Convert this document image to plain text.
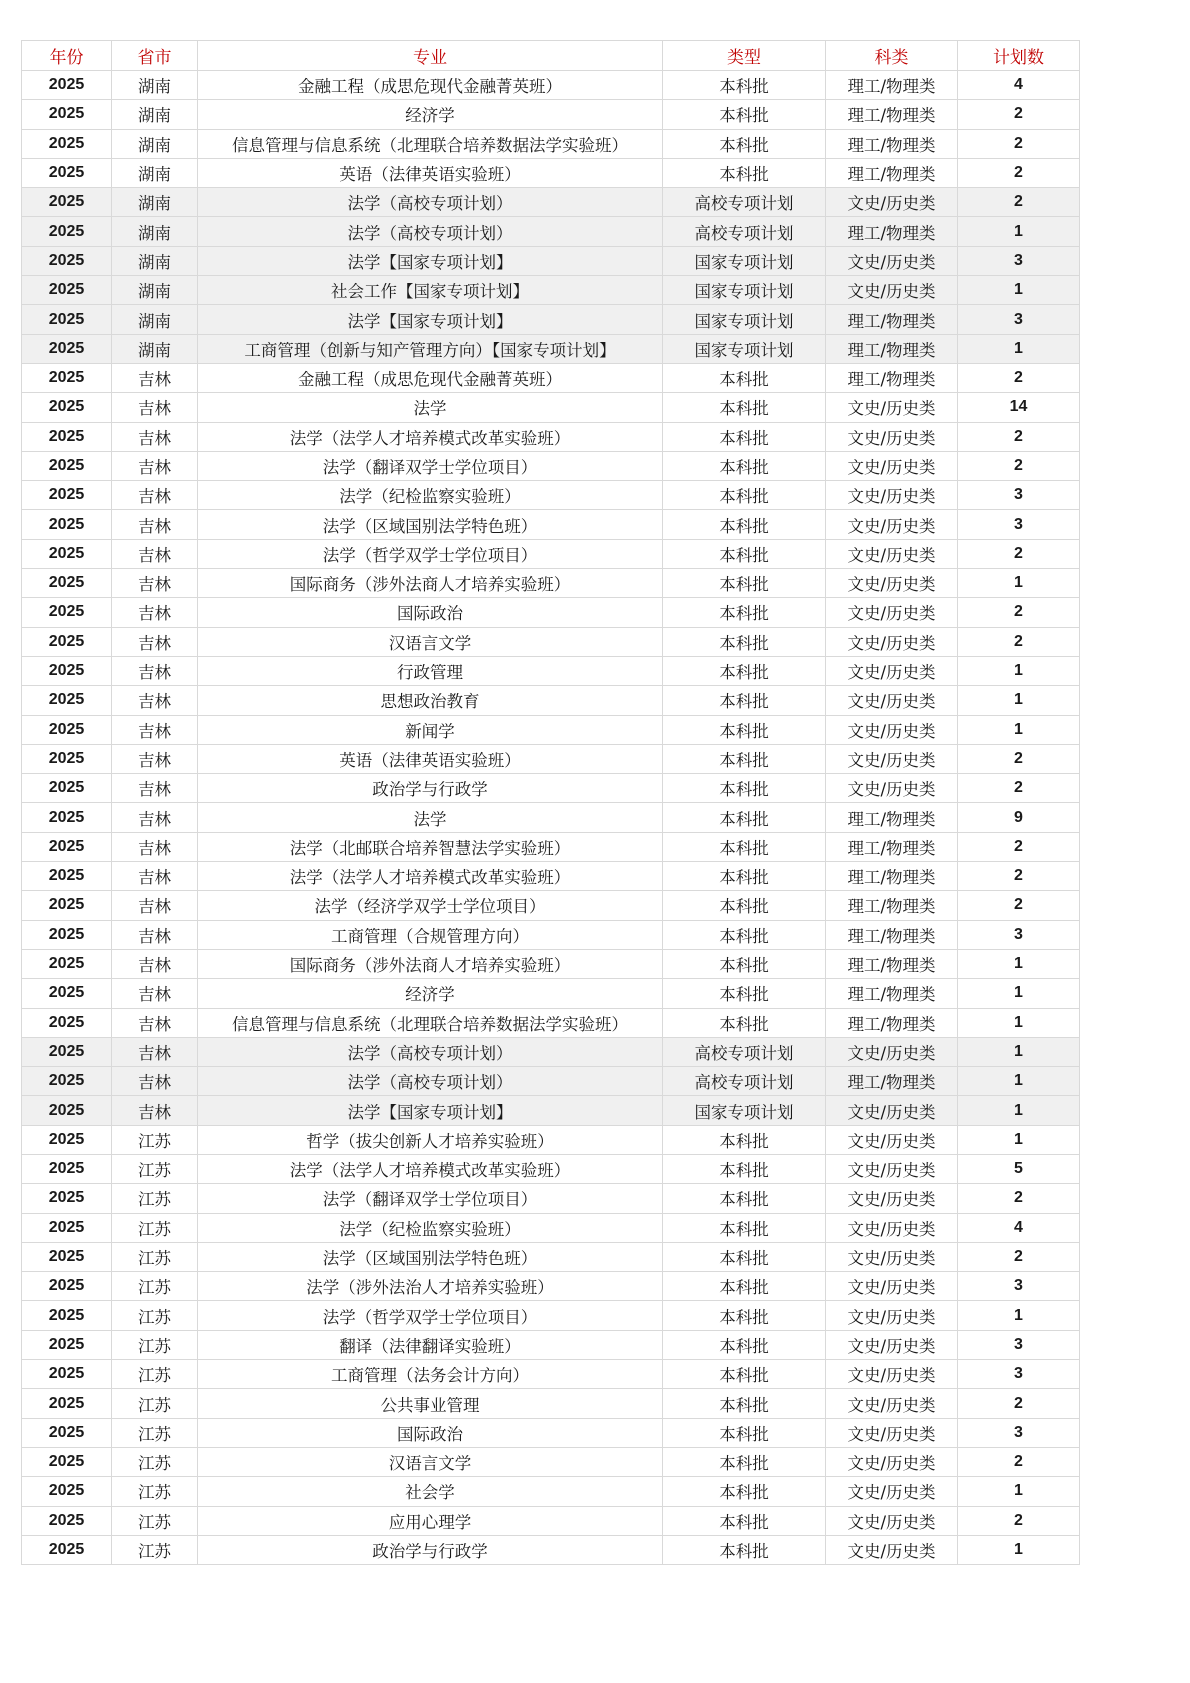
年份	省市	专业	类型	科类	计划数
2025	湖南	金融工程（成思危现代金融菁英班）	本科批	理工/物理类	4
2025	湖南	经济学	本科批	理工/物理类	2
2025	湖南	信息管理与信息系统（北理联合培养数据法学实验班）	本科批	理工/物理类	2
2025	湖南	英语（法律英语实验班）	本科批	理工/物理类	2
2025	湖南	法学（高校专项计划）	高校专项计划	文史/历史类	2
2025	湖南	法学（高校专项计划）	高校专项计划	理工/物理类	1
2025	湖南	法学【国家专项计划】	国家专项计划	文史/历史类	3
2025	湖南	社会工作【国家专项计划】	国家专项计划	文史/历史类	1
2025	湖南	法学【国家专项计划】	国家专项计划	理工/物理类	3
2025	湖南	工商管理（创新与知产管理方向）【国家专项计划】	国家专项计划	理工/物理类	1
2025	吉林	金融工程（成思危现代金融菁英班）	本科批	理工/物理类	2
2025	吉林	法学	本科批	文史/历史类	14
2025	吉林	法学（法学人才培养模式改革实验班）	本科批	文史/历史类	2
2025	吉林	法学（翻译双学士学位项目）	本科批	文史/历史类	2
2025	吉林	法学（纪检监察实验班）	本科批	文史/历史类	3
2025	吉林	法学（区域国别法学特色班）	本科批	文史/历史类	3
2025	吉林	法学（哲学双学士学位项目）	本科批	文史/历史类	2
2025	吉林	国际商务（涉外法商人才培养实验班）	本科批	文史/历史类	1
2025	吉林	国际政治	本科批	文史/历史类	2
2025	吉林	汉语言文学	本科批	文史/历史类	2
2025	吉林	行政管理	本科批	文史/历史类	1
2025	吉林	思想政治教育	本科批	文史/历史类	1
2025	吉林	新闻学	本科批	文史/历史类	1
2025	吉林	英语（法律英语实验班）	本科批	文史/历史类	2
2025	吉林	政治学与行政学	本科批	文史/历史类	2
2025	吉林	法学	本科批	理工/物理类	9
2025	吉林	法学（北邮联合培养智慧法学实验班）	本科批	理工/物理类	2
2025	吉林	法学（法学人才培养模式改革实验班）	本科批	理工/物理类	2
2025	吉林	法学（经济学双学士学位项目）	本科批	理工/物理类	2
2025	吉林	工商管理（合规管理方向）	本科批	理工/物理类	3
2025	吉林	国际商务（涉外法商人才培养实验班）	本科批	理工/物理类	1
2025	吉林	经济学	本科批	理工/物理类	1
2025	吉林	信息管理与信息系统（北理联合培养数据法学实验班）	本科批	理工/物理类	1
2025	吉林	法学（高校专项计划）	高校专项计划	文史/历史类	1
2025	吉林	法学（高校专项计划）	高校专项计划	理工/物理类	1
2025	吉林	法学【国家专项计划】	国家专项计划	文史/历史类	1
2025	江苏	哲学（拔尖创新人才培养实验班）	本科批	文史/历史类	1
2025	江苏	法学（法学人才培养模式改革实验班）	本科批	文史/历史类	5
2025	江苏	法学（翻译双学士学位项目）	本科批	文史/历史类	2
2025	江苏	法学（纪检监察实验班）	本科批	文史/历史类	4
2025	江苏	法学（区域国别法学特色班）	本科批	文史/历史类	2
2025	江苏	法学（涉外法治人才培养实验班）	本科批	文史/历史类	3
2025	江苏	法学（哲学双学士学位项目）	本科批	文史/历史类	1
2025	江苏	翻译（法律翻译实验班）	本科批	文史/历史类	3
2025	江苏	工商管理（法务会计方向）	本科批	文史/历史类	3
2025	江苏	公共事业管理	本科批	文史/历史类	2
2025	江苏	国际政治	本科批	文史/历史类	3
2025	江苏	汉语言文学	本科批	文史/历史类	2
2025	江苏	社会学	本科批	文史/历史类	1
2025	江苏	应用心理学	本科批	文史/历史类	2
2025	江苏	政治学与行政学	本科批	文史/历史类	1
